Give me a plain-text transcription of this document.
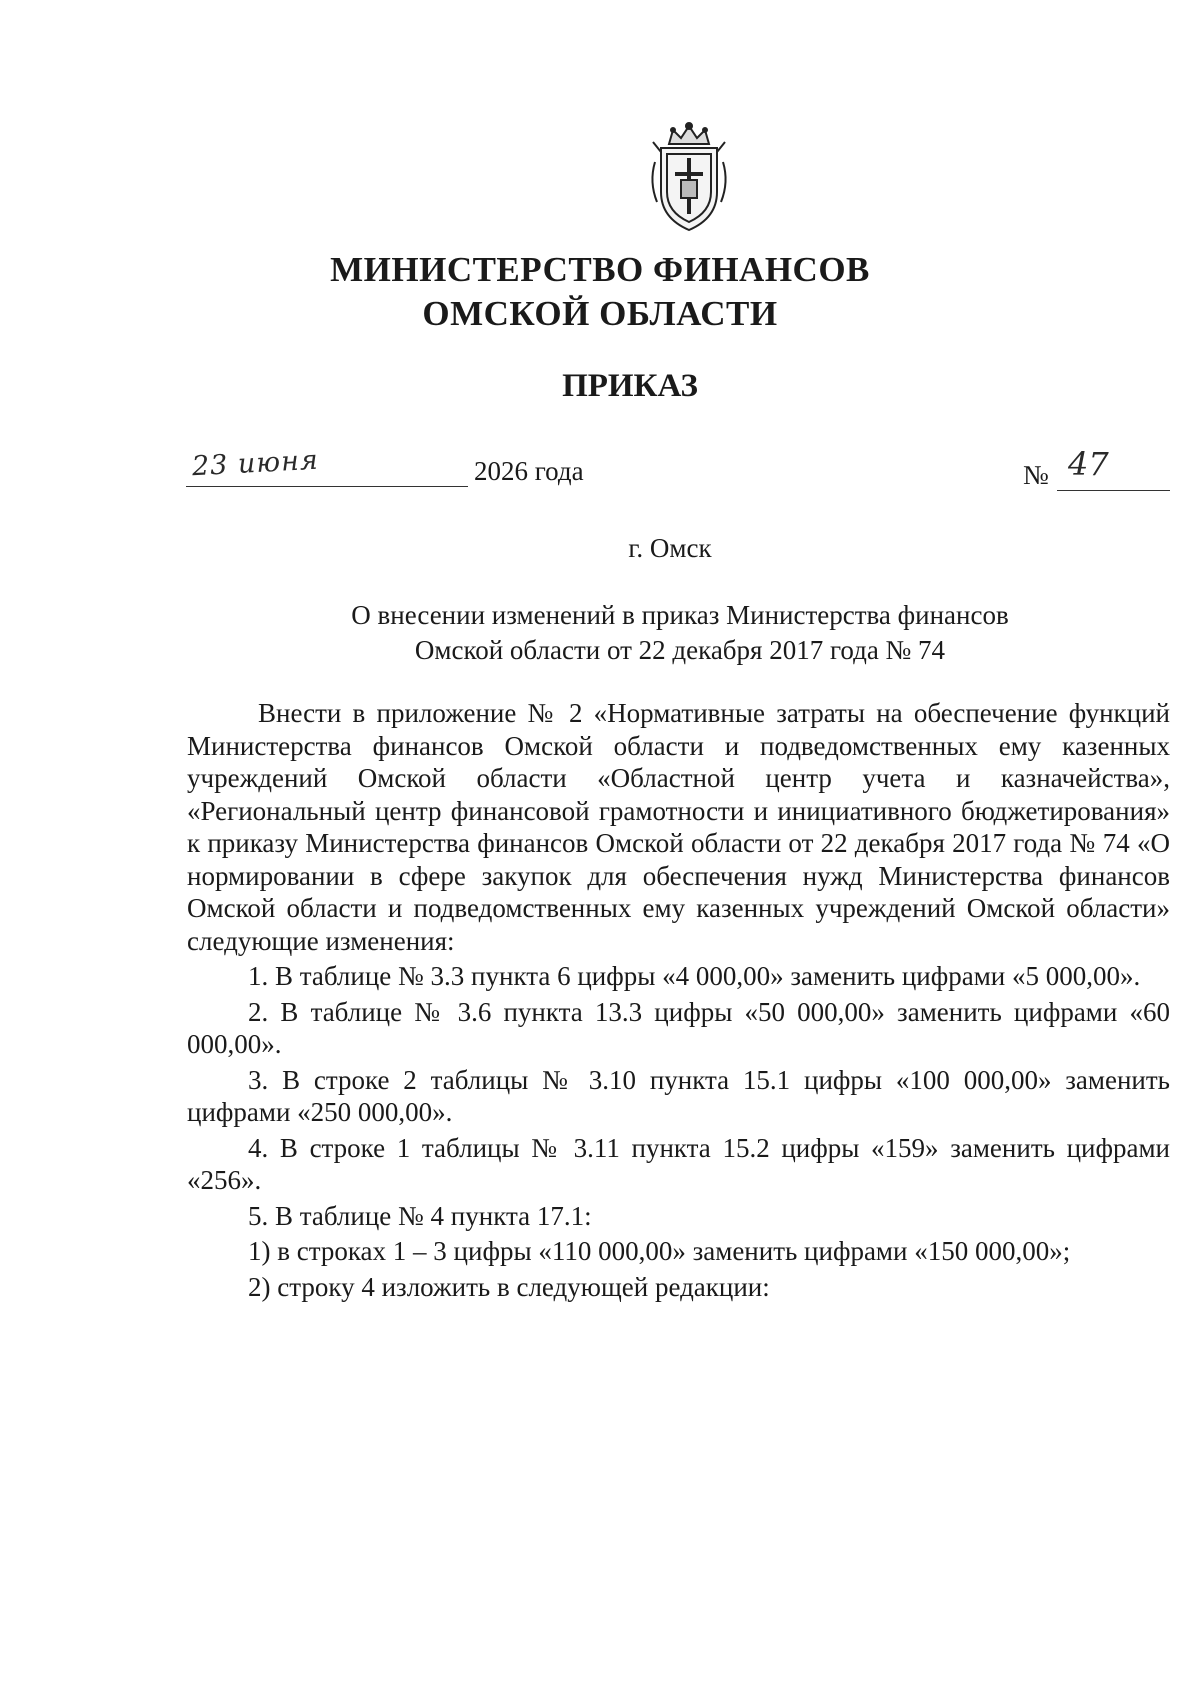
МИНИСТЕРСТВО ФИНАНСОВ
ОМСКОЙ ОБЛАСТИ
ПРИКАЗ
23 июня	2026 года	№ 47
г. Омск
О внесении изменений в приказ Министерства финансов
Омской области от 22 декабря 2017 года № 74

Внести в приложение № 2 «Нормативные затраты на обеспечение функций Министерства финансов Омской области и подведомственных ему казенных учреждений Омской области «Областной центр учета и казначейства», «Региональный центр финансовой грамотности и инициативного бюджетирования» к приказу Министерства финансов Омской области от 22 декабря 2017 года № 74 «О нормировании в сфере закупок для обеспечения нужд Министерства финансов Омской области и подведомственных ему казенных учреждений Омской области» следующие изменения:

1. В таблице № 3.3 пункта 6 цифры «4 000,00» заменить цифрами «5 000,00».

2. В таблице № 3.6 пункта 13.3 цифры «50 000,00» заменить цифрами «60 000,00».

3. В строке 2 таблицы № 3.10 пункта 15.1 цифры «100 000,00» заменить цифрами «250 000,00».

4. В строке 1 таблицы № 3.11 пункта 15.2 цифры «159» заменить цифрами «256».

5. В таблице № 4 пункта 17.1:

1) в строках 1 – 3 цифры «110 000,00» заменить цифрами «150 000,00»;

2) строку 4 изложить в следующей редакции:
